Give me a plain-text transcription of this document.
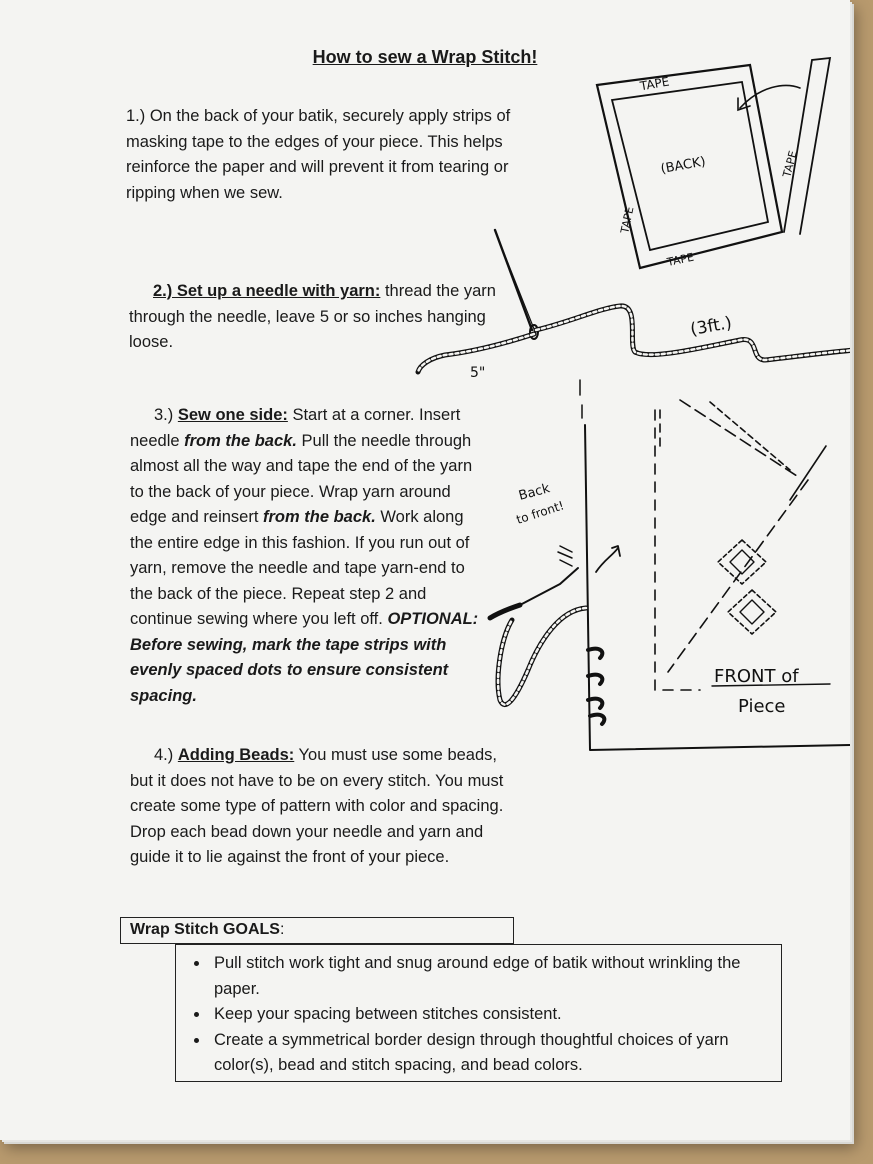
How to sew a Wrap Stitch!
1.) On the back of your batik, securely apply strips of masking tape to the edges of your piece. This helps reinforce the paper and will prevent it from tearing or ripping when we sew.
2.) Set up a needle with yarn: thread the yarn through the needle, leave 5 or so inches hanging loose.
3.) Sew one side: Start at a corner. Insert needle from the back. Pull the needle through almost all the way and tape the end of the yarn to the back of your piece. Wrap yarn around edge and reinsert from the back. Work along the entire edge in this fashion. If you run out of yarn, remove the needle and tape yarn-end to the back of the piece. Repeat step 2 and continue sewing where you left off. OPTIONAL: Before sewing, mark the tape strips with evenly spaced dots to ensure consistent spacing.
4.) Adding Beads: You must use some beads, but it does not have to be on every stitch. You must create some type of pattern with color and spacing. Drop each bead down your needle and yarn and guide it to lie against the front of your piece.
Wrap Stitch GOALS:
• Pull stitch work tight and snug around edge of batik without wrinkling the paper.
• Keep your spacing between stitches consistent.
• Create a symmetrical border design through thoughtful choices of yarn color(s), bead and stitch spacing, and bead colors.
TAPE
(BACK)	TAPE
TAPE
TAPE
(3ft.)
5"
Back
to front!
FRONT of
Piece
